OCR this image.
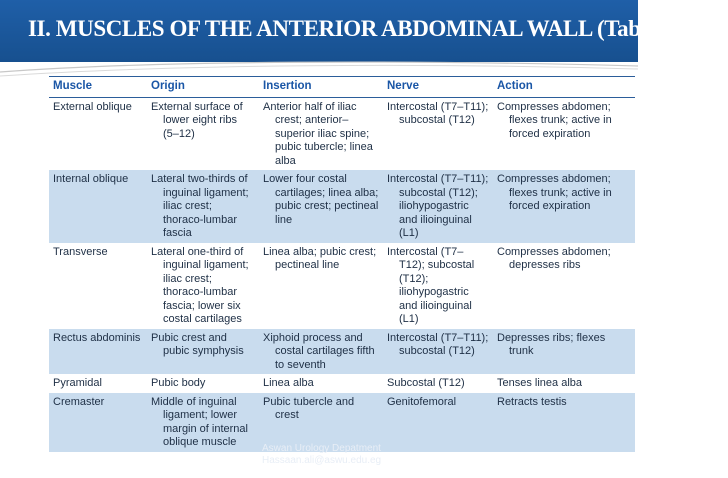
II. MUSCLES OF THE ANTERIOR ABDOMINAL WALL (Table 5-1) P185
Muscle	Origin	Insertion	Nerve	Action

External oblique	External surface of lower eight ribs (5–12)	Anterior half of iliac crest; anterior–superior iliac spine; pubic tubercle; linea alba	Intercostal (T7–T11); subcostal (T12)	Compresses abdomen; flexes trunk; active in forced expiration

Internal oblique	Lateral two-thirds of inguinal ligament; iliac crest; thoraco-lumbar fascia	Lower four costal cartilages; linea alba; pubic crest; pectineal line	Intercostal (T7–T11); subcostal (T12); iliohypogastric and ilioinguinal (L1)	Compresses abdomen; flexes trunk; active in forced expiration

Transverse	Lateral one-third of inguinal ligament; iliac crest; thoraco-lumbar fascia; lower six costal cartilages	Linea alba; pubic crest; pectineal line	Intercostal (T7–T12); subcostal (T12); iliohypogastric and ilioinguinal (L1)	Compresses abdomen; depresses ribs

Rectus abdominis	Pubic crest and pubic symphysis	Xiphoid process and costal cartilages fifth to seventh	Intercostal (T7–T11); subcostal (T12)	Depresses ribs; flexes trunk

Pyramidal	Pubic body	Linea alba	Subcostal (T12)	Tenses linea alba

Cremaster	Middle of inguinal ligament; lower margin of internal oblique muscle	Pubic tubercle and crest	Genitofemoral	Retracts testis
Aswan Urology Depatment
Hassaan.ali@aswu.edu.eg
